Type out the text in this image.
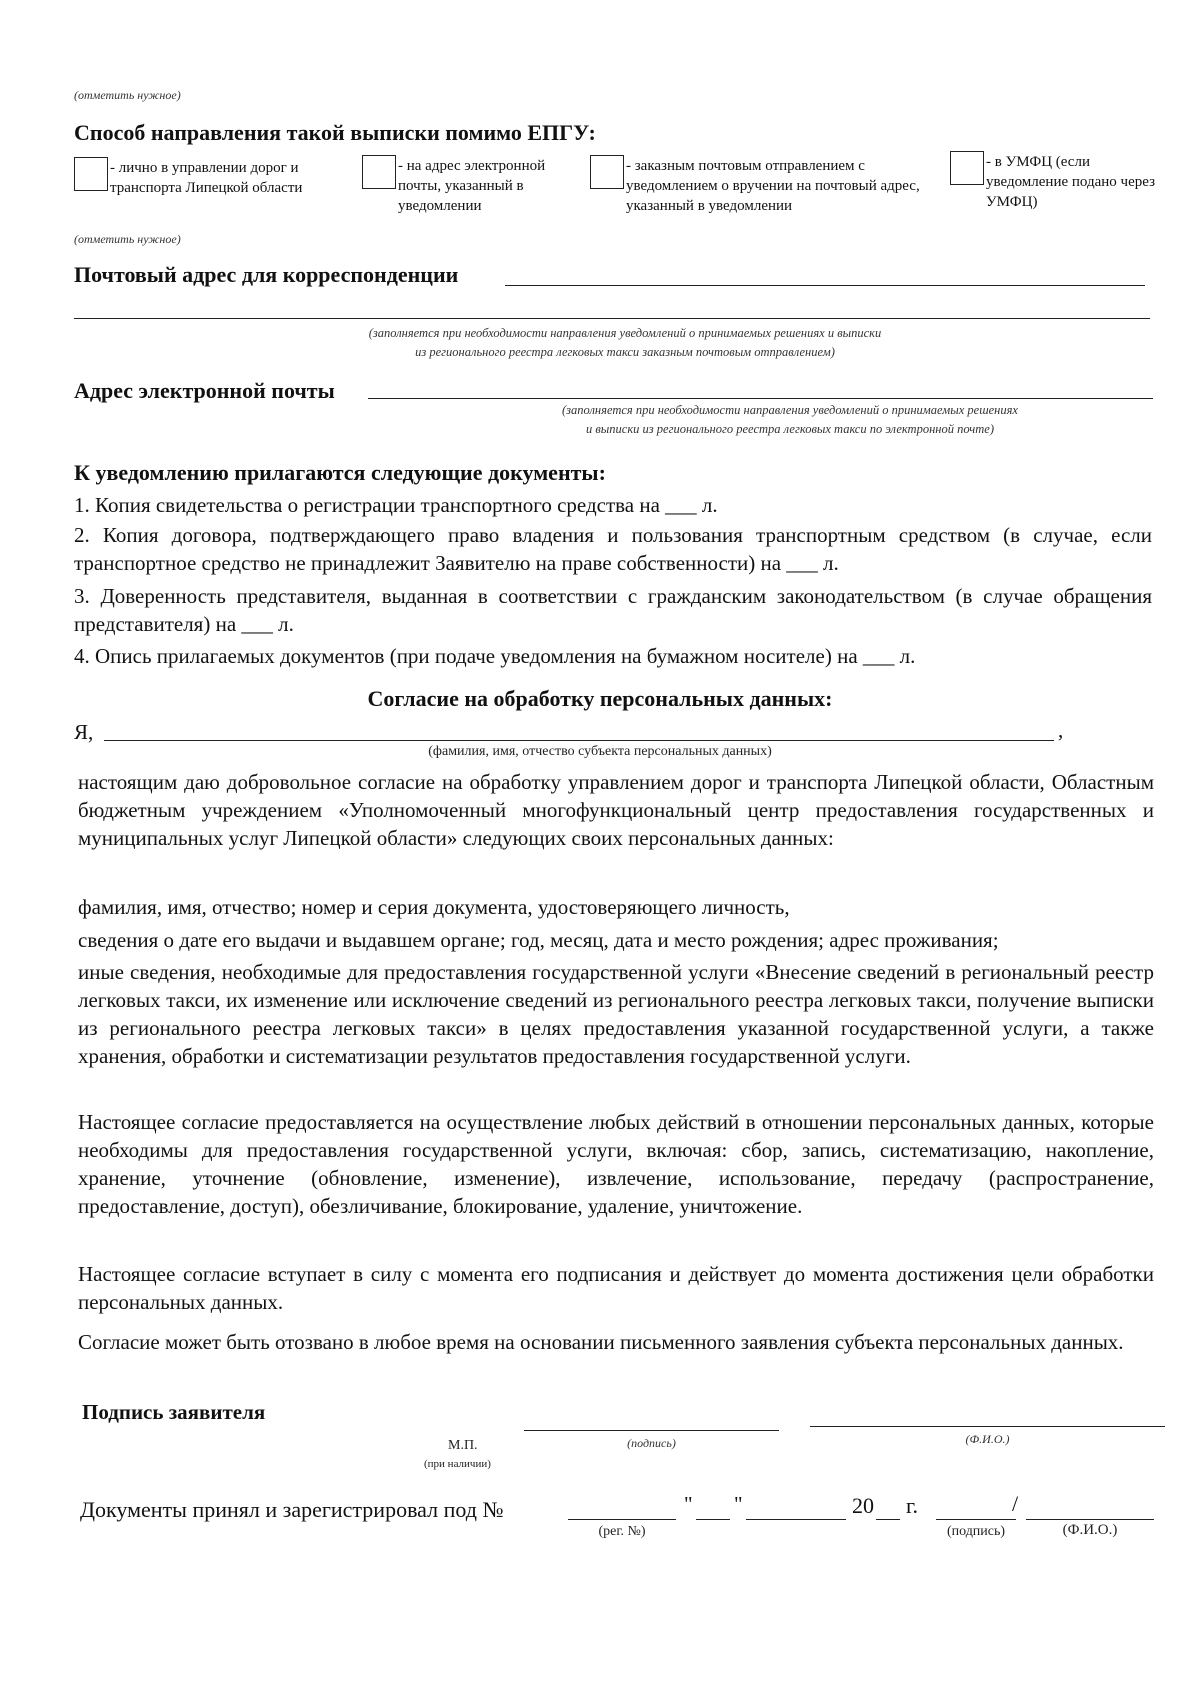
(отметить нужное)
Способ направления такой выписки помимо ЕПГУ:
- лично в управлении дорог и транспорта Липецкой области
- на адрес электронной почты, указанный в уведомлении
- заказным почтовым отправлением с уведомлением о вручении на почтовый адрес, указанный в уведомлении
- в УМФЦ (если уведомление подано через УМФЦ)
(отметить нужное)
Почтовый адрес для корреспонденции
(заполняется при необходимости направления уведомлений о принимаемых решениях и выписки
из регионального реестра легковых такси заказным почтовым отправлением)
Адрес электронной почты
(заполняется при необходимости направления уведомлений о принимаемых решениях
и выписки из регионального реестра легковых такси по электронной почте)
К уведомлению прилагаются следующие документы:
1. Копия свидетельства о регистрации транспортного средства на ___ л.
2. Копия договора, подтверждающего право владения и пользования транспортным средством (в случае, если транспортное средство не принадлежит Заявителю на праве собственности) на ___ л.
3. Доверенность представителя, выданная в соответствии с гражданским законодательством (в случае обращения представителя) на ___ л.
4. Опись прилагаемых документов (при подаче уведомления на бумажном носителе) на ___ л.
Согласие на обработку персональных данных:
Я,	,
(фамилия, имя, отчество субъекта персональных данных)
настоящим даю добровольное согласие на обработку управлением дорог и транспорта Липецкой области, Областным бюджетным учреждением «Уполномоченный многофункциональный центр предоставления государственных и муниципальных услуг Липецкой области» следующих своих персональных данных:
фамилия, имя, отчество; номер и серия документа, удостоверяющего личность,
сведения о дате его выдачи и выдавшем органе; год, месяц, дата и место рождения; адрес проживания;
иные сведения, необходимые для предоставления государственной услуги «Внесение сведений в региональный реестр легковых такси, их изменение или исключение сведений из регионального реестра легковых такси, получение выписки из регионального реестра легковых такси» в целях предоставления указанной государственной услуги, а также хранения, обработки и систематизации результатов предоставления государственной услуги.
Настоящее согласие предоставляется на осуществление любых действий в отношении персональных данных, которые необходимы для предоставления государственной услуги, включая: сбор, запись, систематизацию, накопление, хранение, уточнение (обновление, изменение), извлечение, использование, передачу (распространение, предоставление, доступ), обезличивание, блокирование, удаление, уничтожение.
Настоящее согласие вступает в силу с момента его подписания и действует до момента достижения цели обработки персональных данных.
Согласие может быть отозвано в любое время на основании письменного заявления субъекта персональных данных.
Подпись заявителя
М.П.
(при наличии)
(подпись)	(Ф.И.О.)
Документы принял и зарегистрировал под №
(рег. №)
" "	20 г.	/
(подпись)	(Ф.И.О.)
